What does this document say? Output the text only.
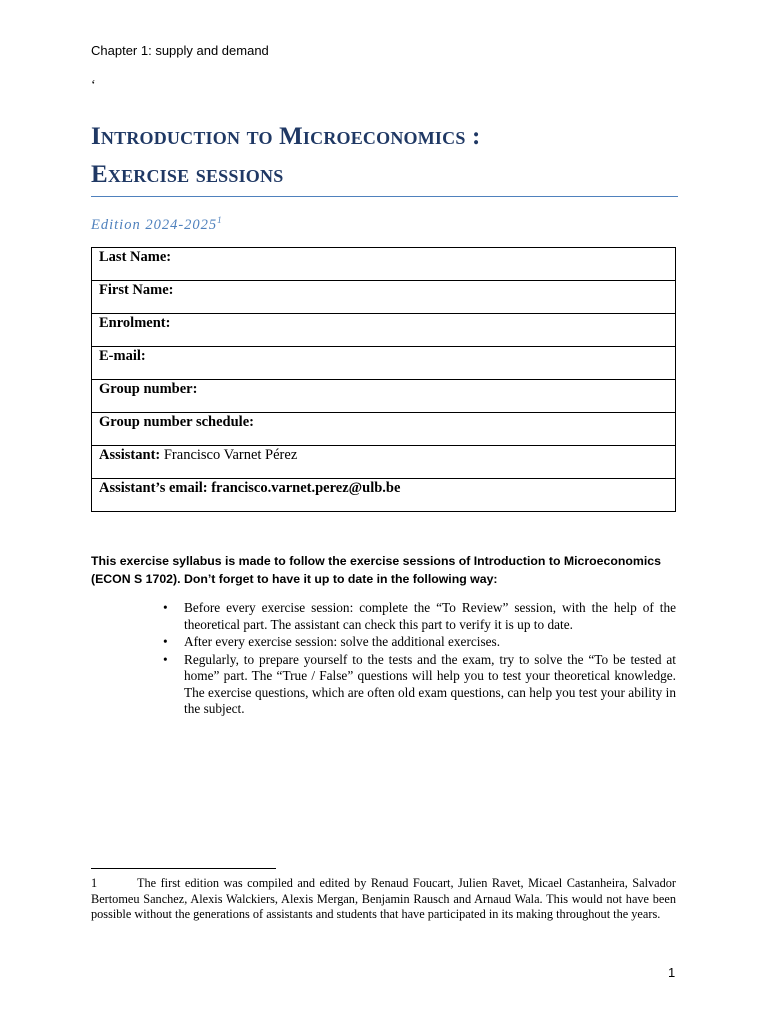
Chapter 1: supply and demand
‘
Introduction to Microeconomics :
Exercise sessions
Edition 2024-2025$^1$
Last Name:
First Name:
Enrolment:
E-mail:
Group number:
Group number schedule:
Assistant: Francisco Varnet Pérez
Assistant’s email: francisco.varnet.perez@ulb.be
This exercise syllabus is made to follow the exercise sessions of Introduction to Microeconomics (ECON S 1702). Don’t forget to have it up to date in the following way:
• Before every exercise session: complete the “To Review” session, with the help of the theoretical part. The assistant can check this part to verify it is up to date.
• After every exercise session: solve the additional exercises.
• Regularly, to prepare yourself to the tests and the exam, try to solve the “To be tested at home” part. The “True / False” questions will help you to test your theoretical knowledge. The exercise questions, which are often old exam questions, can help you test your ability in the subject.
1	The first edition was compiled and edited by Renaud Foucart, Julien Ravet, Micael Castanheira, Salvador Bertomeu Sanchez, Alexis Walckiers, Alexis Mergan, Benjamin Rausch and Arnaud Wala. This would not have been possible without the generations of assistants and students that have participated in its making throughout the years.
1
